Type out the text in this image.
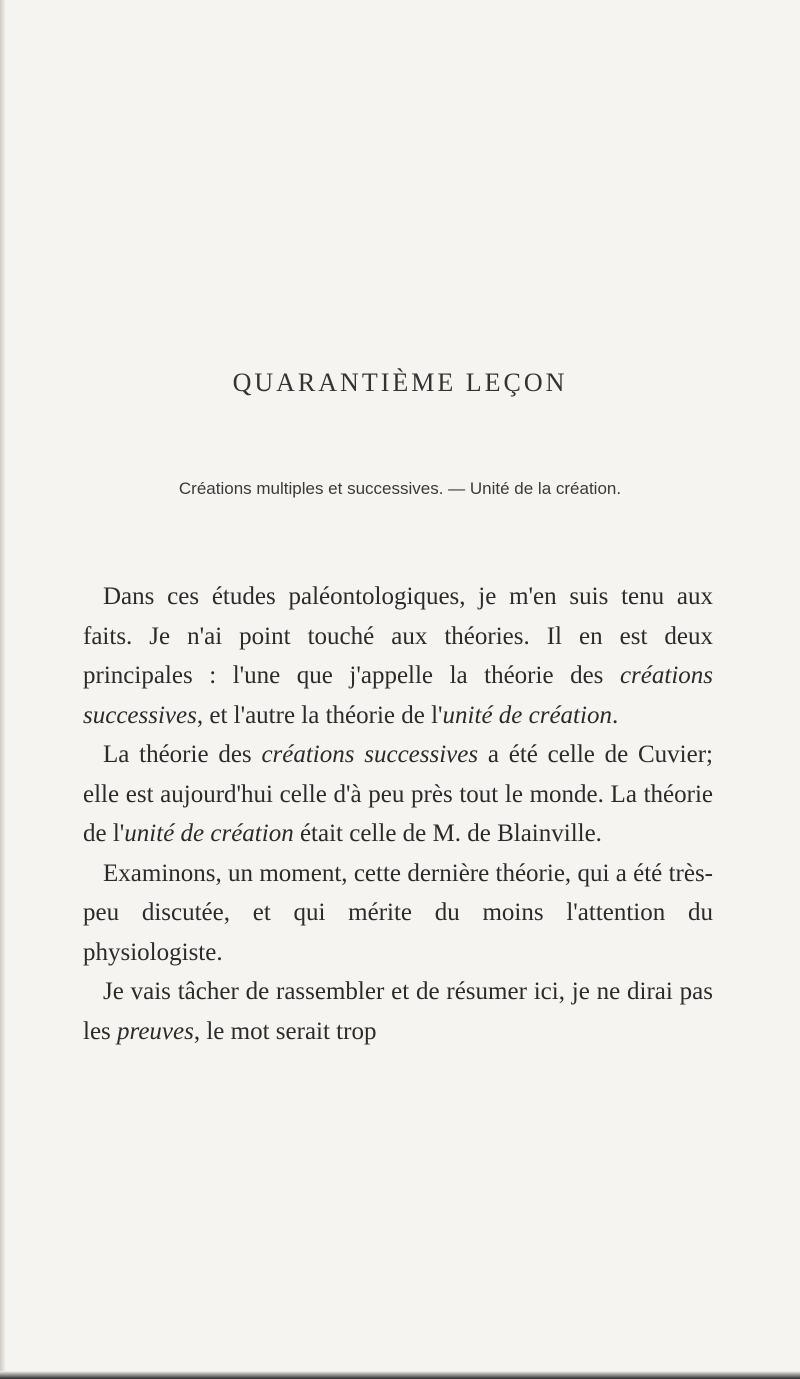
QUARANTIÈME LEÇON
Créations multiples et successives. — Unité de la création.

Dans ces études paléontologiques, je m'en suis tenu aux faits. Je n'ai point touché aux théories. Il en est deux principales : l'une que j'appelle la théorie des créations successives, et l'autre la théorie de l'unité de création.

La théorie des créations successives a été celle de Cuvier; elle est aujourd'hui celle d'à peu près tout le monde. La théorie de l'unité de création était celle de M. de Blainville.

Examinons, un moment, cette dernière théorie, qui a été très-peu discutée, et qui mérite du moins l'attention du physiologiste.

Je vais tâcher de rassembler et de résumer ici, je ne dirai pas les preuves, le mot serait trop
